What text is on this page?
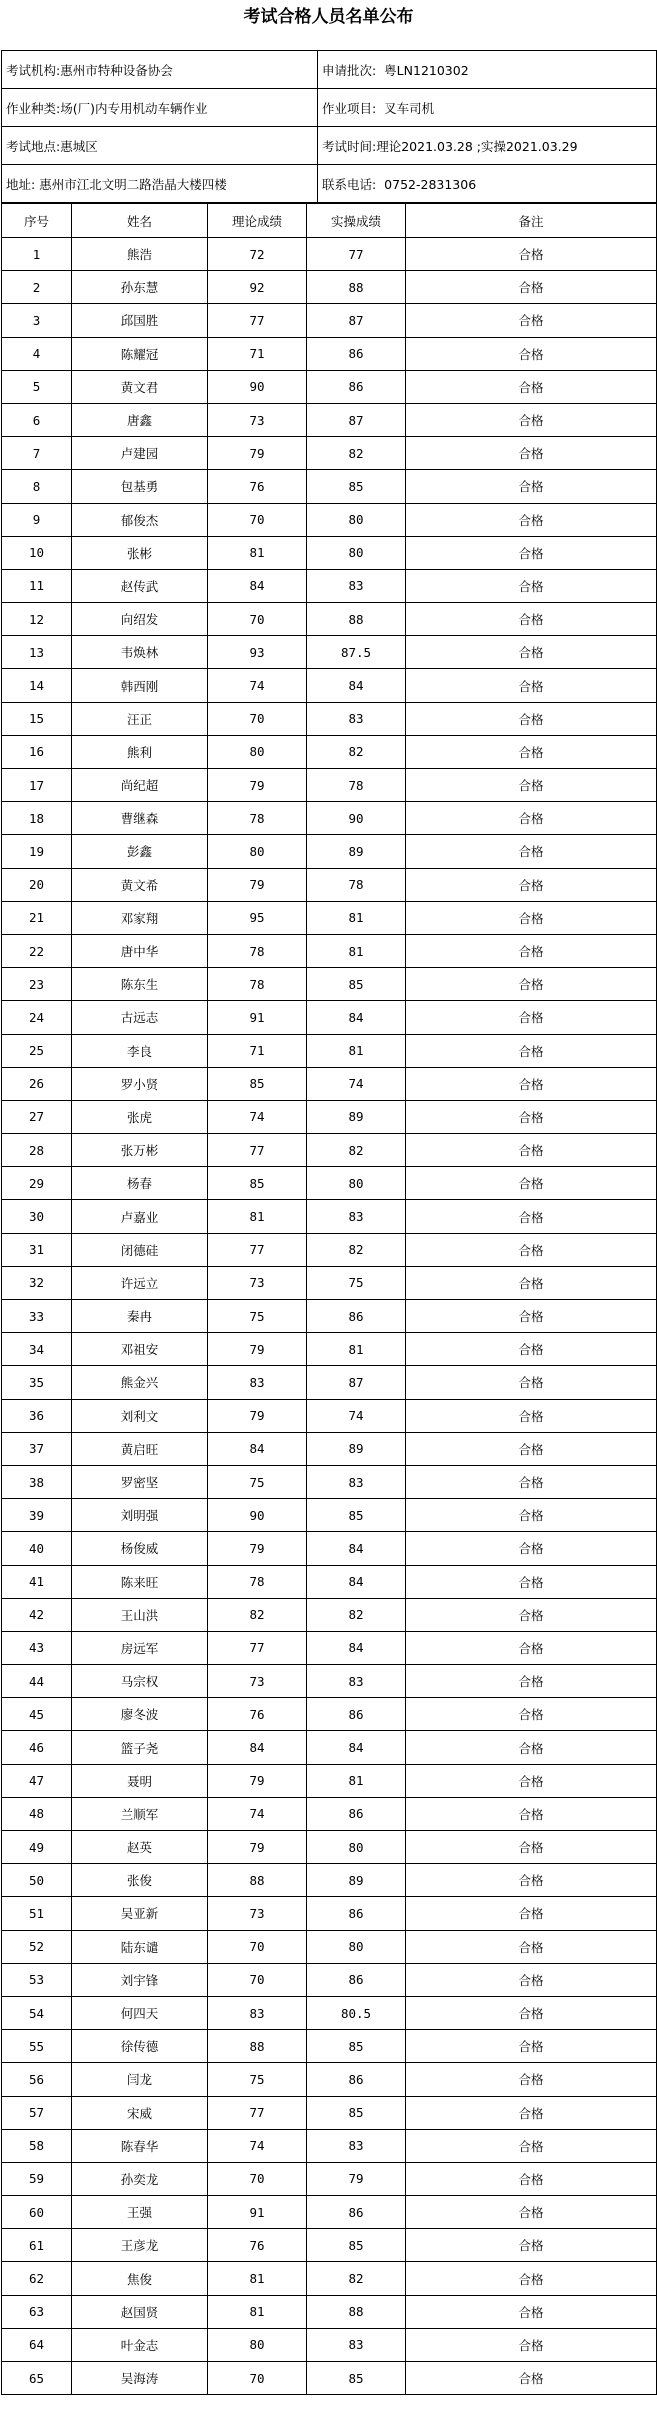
考试合格人员名单公布
考试机构:惠州市特种设备协会	申请批次: 粤LN1210302
作业种类:场(厂)内专用机动车辆作业	作业项目: 叉车司机
考试地点:惠城区	考试时间:理论2021.03.28 ;实操2021.03.29
地址: 惠州市江北文明二路浩晶大楼四楼	联系电话: 0752-2831306
序号	姓名	理论成绩	实操成绩	备注
1	熊浩	72	77	合格
2	孙东慧	92	88	合格
3	邱国胜	77	87	合格
4	陈耀冠	71	86	合格
5	黄文君	90	86	合格
6	唐鑫	73	87	合格
7	卢建园	79	82	合格
8	包基勇	76	85	合格
9	郁俊杰	70	80	合格
10	张彬	81	80	合格
11	赵传武	84	83	合格
12	向绍发	70	88	合格
13	韦焕林	93	87.5	合格
14	韩西刚	74	84	合格
15	汪正	70	83	合格
16	熊利	80	82	合格
17	尚纪超	79	78	合格
18	曹继森	78	90	合格
19	彭鑫	80	89	合格
20	黄文希	79	78	合格
21	邓家翔	95	81	合格
22	唐中华	78	81	合格
23	陈东生	78	85	合格
24	古远志	91	84	合格
25	李良	71	81	合格
26	罗小贤	85	74	合格
27	张虎	74	89	合格
28	张万彬	77	82	合格
29	杨春	85	80	合格
30	卢嘉业	81	83	合格
31	闭德硅	77	82	合格
32	许远立	73	75	合格
33	秦冉	75	86	合格
34	邓祖安	79	81	合格
35	熊金兴	83	87	合格
36	刘利文	79	74	合格
37	黄启旺	84	89	合格
38	罗密坚	75	83	合格
39	刘明强	90	85	合格
40	杨俊威	79	84	合格
41	陈来旺	78	84	合格
42	王山洪	82	82	合格
43	房远军	77	84	合格
44	马宗权	73	83	合格
45	廖冬波	76	86	合格
46	篮子尧	84	84	合格
47	聂明	79	81	合格
48	兰顺军	74	86	合格
49	赵英	79	80	合格
50	张俊	88	89	合格
51	吴亚新	73	86	合格
52	陆东谴	70	80	合格
53	刘宇锋	70	86	合格
54	何四天	83	80.5	合格
55	徐传德	88	85	合格
56	闫龙	75	86	合格
57	宋威	77	85	合格
58	陈春华	74	83	合格
59	孙奕龙	70	79	合格
60	王强	91	86	合格
61	王彦龙	76	85	合格
62	焦俊	81	82	合格
63	赵国贤	81	88	合格
64	叶金志	80	83	合格
65	吴海涛	70	85	合格
